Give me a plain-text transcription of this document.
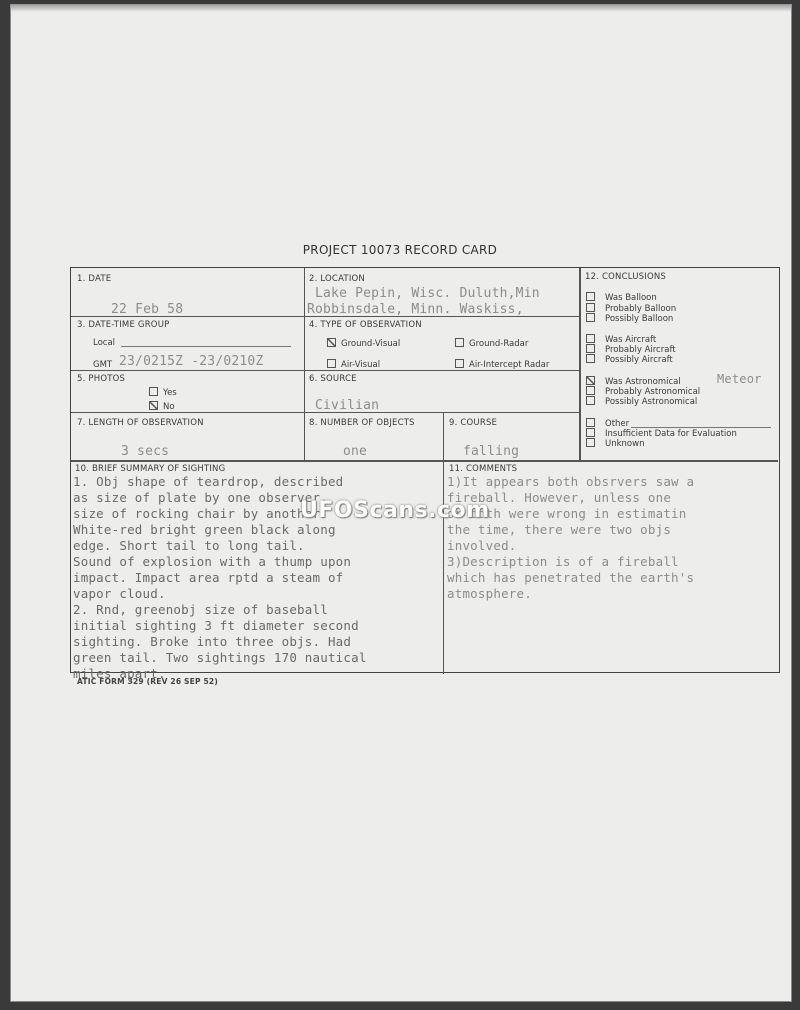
PROJECT 10073 RECORD CARD
1. DATE
22 Feb 58
2. LOCATION
Lake Pepin, Wisc. Duluth,Min
Robbinsdale, Minn. Waskiss,
3. DATE-TIME GROUP
Local
GMT 23/0215Z -23/0210Z
4. TYPE OF OBSERVATION
Ground-Visual	Ground-Radar
Air-Visual	Air-Intercept Radar
5. PHOTOS
Yes
No
6. SOURCE
Civilian
7. LENGTH OF OBSERVATION
3 secs
8. NUMBER OF OBJECTS
one
9. COURSE
falling
12. CONCLUSIONS
Was Balloon
Probably Balloon
Possibly Balloon
Was Aircraft
Probably Aircraft
Possibly Aircraft
Was Astronomical	Meteor
Probably Astronomical
Possibly Astronomical
Other
Insufficient Data for Evaluation
Unknown
10. BRIEF SUMMARY OF SIGHTING
1. Obj shape of teardrop, described
as size of plate by one observer,
size of rocking chair by another.
White-red bright green black along
edge. Short tail to long tail.
Sound of explosion with a thump upon
impact. Impact area rptd a steam of
vapor cloud.
2. Rnd, greenobj size of baseball
initial sighting 3 ft diameter second
sighting. Broke into three objs. Had
green tail. Two sightings 170 nautical
miles apart.
11. COMMENTS
1)It appears both obsrvers saw a
fireball. However, unless one
or both were wrong in estimatin
the time, there were two objs
involved.
3)Description is of a fireball
which has penetrated the earth's
atmosphere.
UFOScans.com
ATIC FORM 329 (REV 26 SEP 52)
